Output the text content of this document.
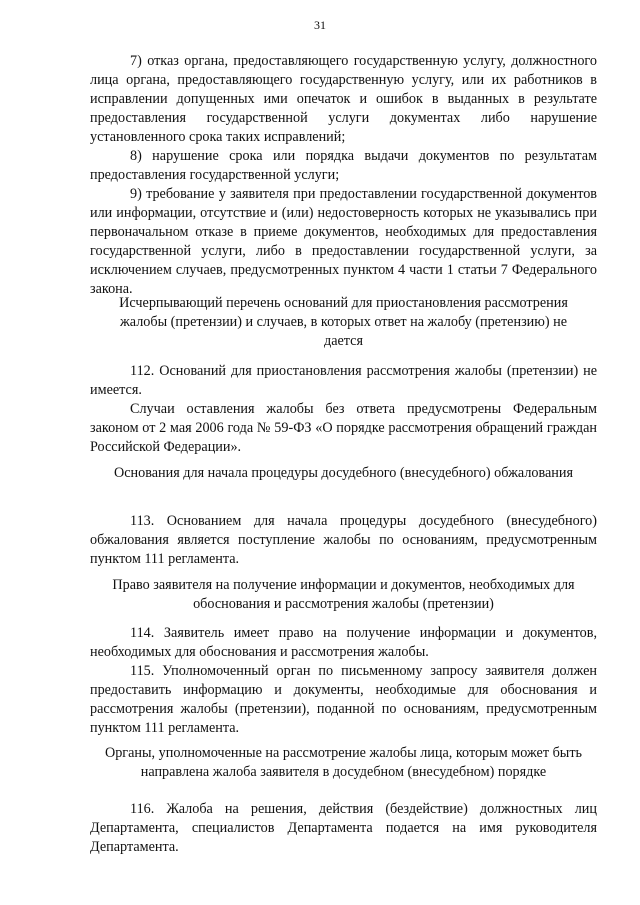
31

7) отказ органа, предоставляющего государственную услугу, должностного лица органа, предоставляющего государственную услугу, или их работников в исправлении допущенных ими опечаток и ошибок в выданных в результате предоставления государственной услуги документах либо нарушение установленного срока таких исправлений;

8) нарушение срока или порядка выдачи документов по результатам предоставления государственной услуги;

9) требование у заявителя при предоставлении государственной документов или информации, отсутствие и (или) недостоверность которых не указывались при первоначальном отказе в приеме документов, необходимых для предоставления государственной услуги, либо в предоставлении государственной услуги, за исключением случаев, предусмотренных пунктом 4 части 1 статьи 7 Федерального закона.

Исчерпывающий перечень оснований для приостановления рассмотрения жалобы (претензии) и случаев, в которых ответ на жалобу (претензию) не дается

112. Оснований для приостановления рассмотрения жалобы (претензии) не имеется.

Случаи оставления жалобы без ответа предусмотрены Федеральным законом от 2 мая 2006 года № 59-ФЗ «О порядке рассмотрения обращений граждан Российской Федерации».

Основания для начала процедуры досудебного (внесудебного) обжалования

113. Основанием для начала процедуры досудебного (внесудебного) обжалования является поступление жалобы по основаниям, предусмотренным пунктом 111 регламента.

Право заявителя на получение информации и документов, необходимых для обоснования и рассмотрения жалобы (претензии)

114. Заявитель имеет право на получение информации и документов, необходимых для обоснования и рассмотрения жалобы.

115. Уполномоченный орган по письменному запросу заявителя должен предоставить информацию и документы, необходимые для обоснования и рассмотрения жалобы (претензии), поданной по основаниям, предусмотренным пунктом 111 регламента.

Органы, уполномоченные на рассмотрение жалобы лица, которым может быть направлена жалоба заявителя в досудебном (внесудебном) порядке

116. Жалоба на решения, действия (бездействие) должностных лиц Департамента, специалистов Департамента подается на имя руководителя Департамента.
